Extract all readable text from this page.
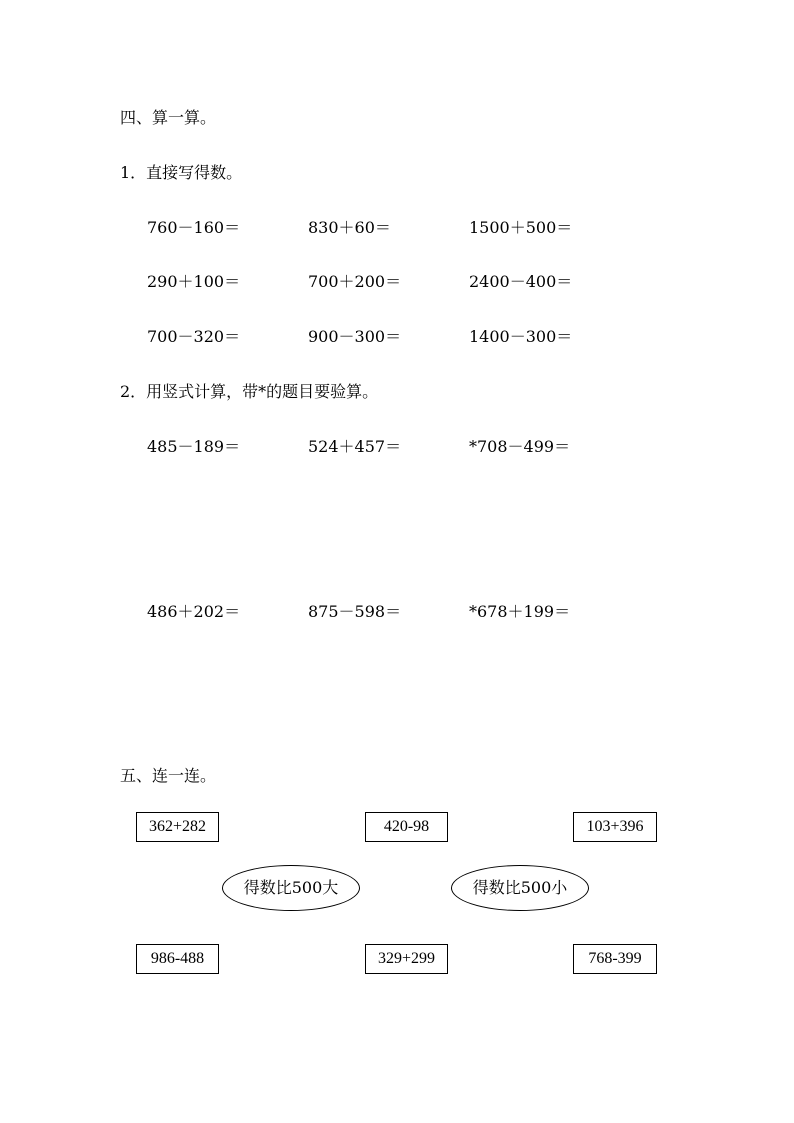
四、算一算。
1．直接写得数。
760－160＝	830＋60＝	1500＋500＝
290＋100＝	700＋200＝	2400－400＝
700－320＝	900－300＝	1400－300＝
2．用竖式计算，带*的题目要验算。
485－189＝	524＋457＝	*708－499＝
486＋202＝	875－598＝	*678＋199＝
五、连一连。
362+282	420-98	103+396
得数比500大	得数比500小
986-488	329+299	768-399
